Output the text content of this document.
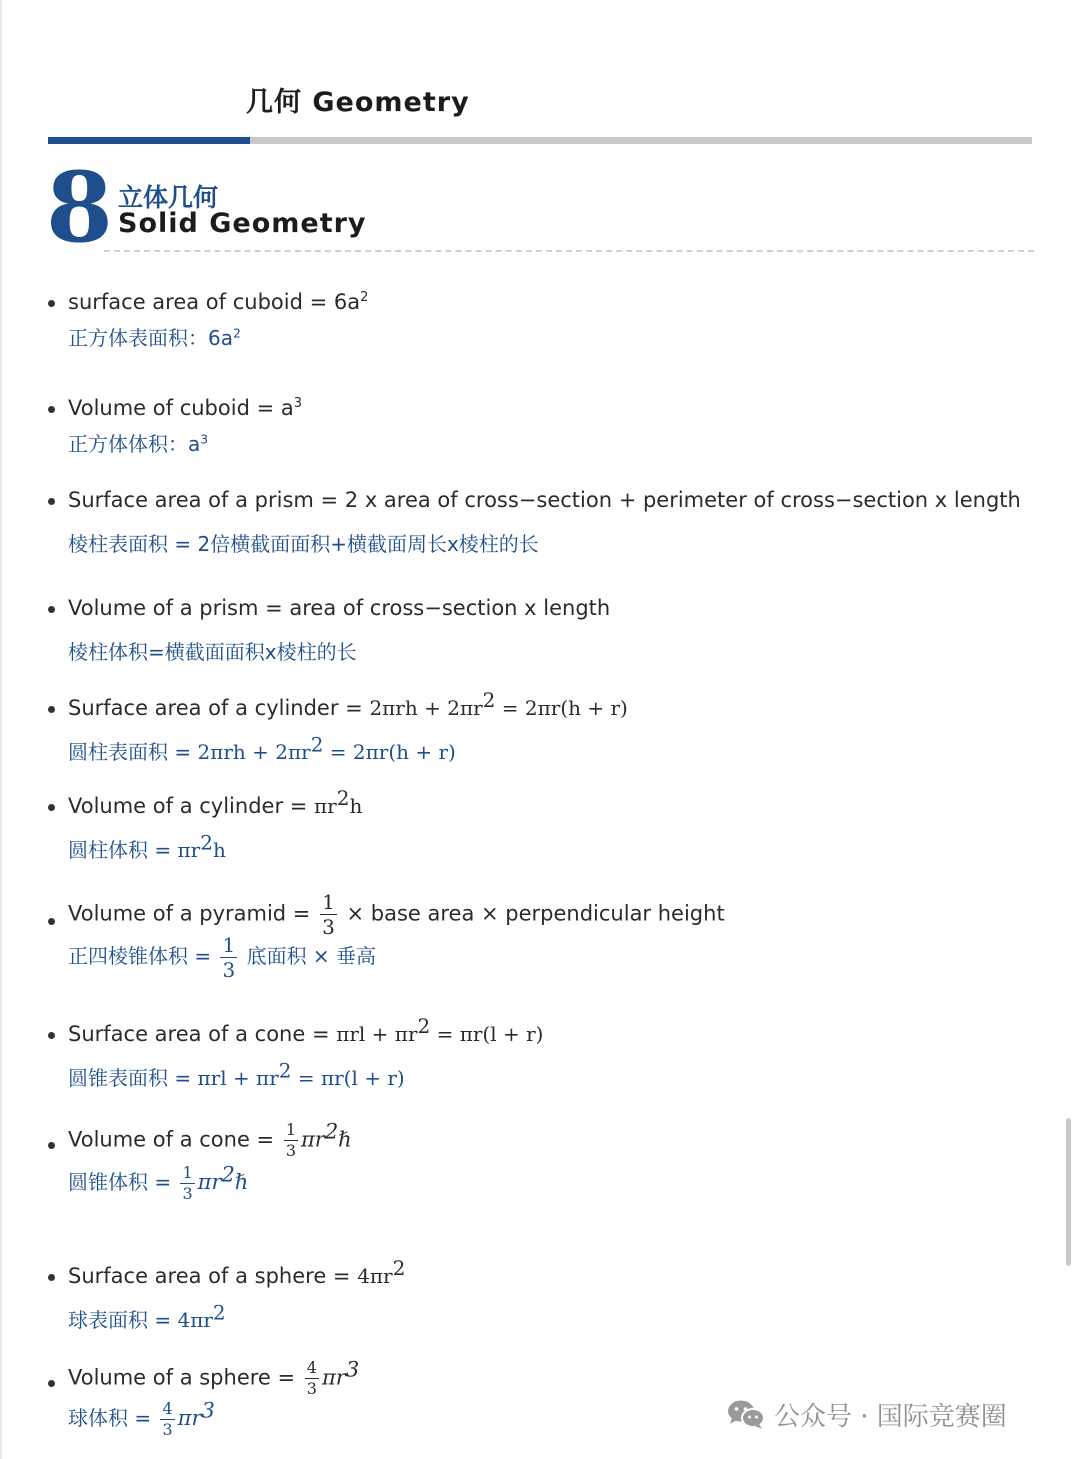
几何 Geometry
8 立体几何
Solid Geometry
surface area of cuboid = $6a^2$
正方体表面积：$6a^2$
Volume of cuboid = $a^3$
正方体体积：$a^3$
Surface area of a prism = 2 x area of cross−section + perimeter of cross−section x length
棱柱表面积 = 2倍横截面面积+横截面周长x棱柱的长
Volume of a prism = area of cross−section x length
棱柱体积=横截面面积x棱柱的长
Surface area of a cylinder = $2\pi rh + 2\pi r^2 = 2\pi r(h + r)$
圆柱表面积 = $2\pi rh + 2\pi r^2 = 2\pi r(h + r)$
Volume of a cylinder = $\pi r^2h$
圆柱体积 = $\pi r^2h$
Volume of a pyramid = $\frac{1}{3}$ × base area × perpendicular height
正四棱锥体积 = $\frac{1}{3}$ 底面积 × 垂高
Surface area of a cone = $\pi rl + \pi r^2 = \pi r(l + r)$
圆锥表面积 = $\pi rl + \pi r^2 = \pi r(l + r)$
Volume of a cone = $\frac{1}{3}$ $\pi r^2\hbar$
圆锥体积 = $\frac{1}{3}$ $\pi r^2\hbar$
Surface area of a sphere = $4\pi r^2$
球表面积 = $4\pi r^2$
Volume of a sphere = $\frac{4}{3} \pi r^3$
球体积 = $\frac{4}{3} \pi r^3$	公众号 · 国际竞赛圈
